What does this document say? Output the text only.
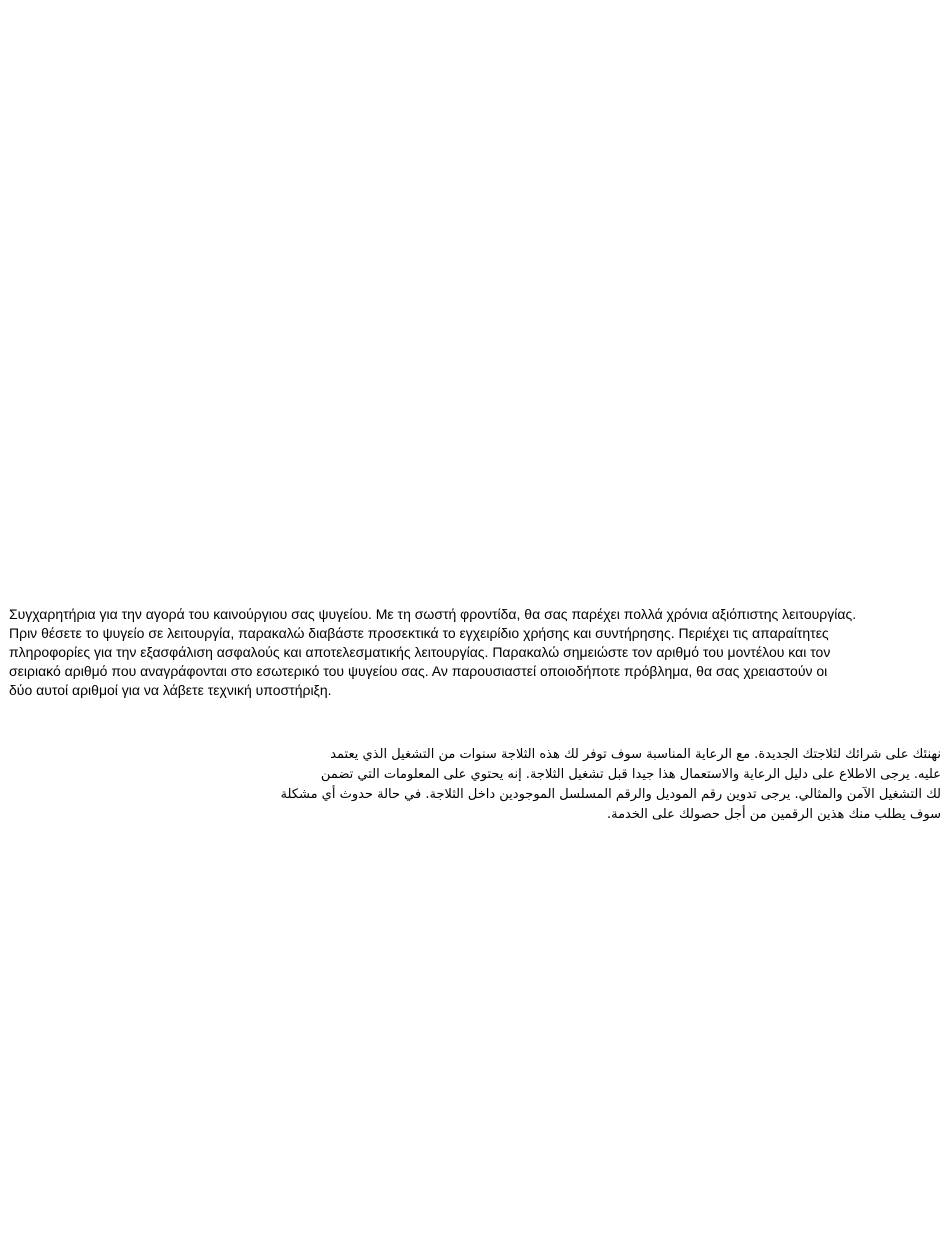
Συγχαρητήρια για την αγορά του καινούργιου σας ψυγείου. Με τη σωστή φροντίδα, θα σας παρέχει πολλά χρόνια αξιόπιστης λειτουργίας.
Πριν θέσετε το ψυγείο σε λειτουργία, παρακαλώ διαβάστε προσεκτικά το εγχειρίδιο χρήσης και συντήρησης. Περιέχει τις απαραίτητες
πληροφορίες για την εξασφάλιση ασφαλούς και αποτελεσματικής λειτουργίας. Παρακαλώ σημειώστε τον αριθμό του μοντέλου και τον
σειριακό αριθμό που αναγράφονται στο εσωτερικό του ψυγείου σας. Αν παρουσιαστεί οποιοδήποτε πρόβλημα, θα σας χρειαστούν οι
δύο αυτοί αριθμοί για να λάβετε τεχνική υποστήριξη.
نهنئك على شرائك لثلاجتك الجديدة. مع الرعاية المناسبة سوف توفر لك هذه الثلاجة سنوات من التشغيل الذي يعتمد
عليه. يرجى الاطلاع على دليل الرعاية والاستعمال هذا جيدا قبل تشغيل الثلاجة. إنه يحتوي على المعلومات التي تضمن
لك التشغيل الآمن والمثالي. يرجى تدوين رقم الموديل والرقم المسلسل الموجودين داخل الثلاجة. في حالة حدوث أي مشكلة
سوف يطلب منك هذين الرقمين من أجل حصولك على الخدمة.
